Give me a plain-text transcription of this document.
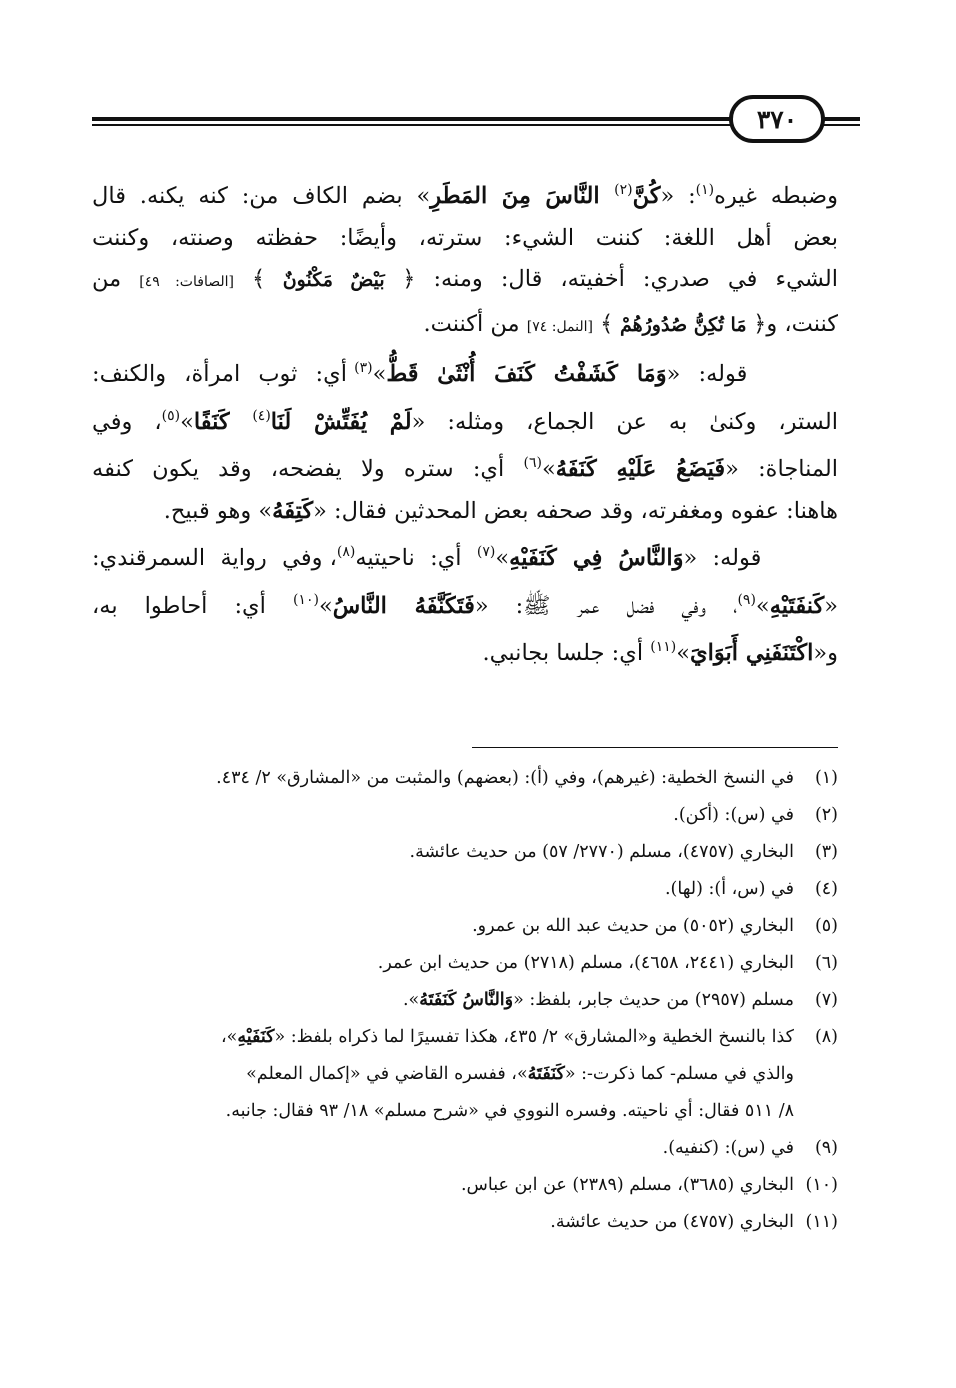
٣٧٠

وضبطه غيره$^{(١)}$: «كُنَّ$^{(٢)}$ النَّاسَ مِنَ المَطَرِ» بضم الكاف من: كنه يكنه. قال
بعض أهل اللغة: كننت الشيء: سترته، وأيضًا: حفظته وصنته، وكننت
الشيء في صدري: أخفيته، قال: ومنه: ﴿ بَيْضٌ مَكْنُونٌ ﴾ [الصافات: ٤٩] من
كننت، و﴿ مَا تُكِنُّ صُدُورُهُمْ ﴾ [النمل: ٧٤] من أكننت.

قوله: «وَمَا كَشَفْتُ كَنَفَ أُنْثَىٰ قَطُّ»$^{(٣)}$ أي: ثوب امرأة، والكنف:
الستر، وكنىٰ به عن الجماع، ومثله: «لَمْ يُفَتِّشْ لَنَا$^{(٤)}$ كَنَفًا»$^{(٥)}$، وفي
المناجاة: «فَيَضَعُ عَلَيْهِ كَنَفَهُ»$^{(٦)}$ أي: ستره ولا يفضحه، وقد يكون كنفه
هاهنا: عفوه ومغفرته، وقد صحفه بعض المحدثين فقال: «كَتِفَهُ» وهو قبيح.

قوله: «وَالنَّاسُ فِي كَنَفَيْهِ»$^{(٧)}$ أي: ناحيتيه$^{(٨)}$، وفي رواية السمرقندي:
«كَنفَتَيْهِ»$^{(٩)}$، وفي فضل عمر ﷺ: «فَتَكَنَّفَهُ النَّاسُ»$^{(١٠)}$ أي: أحاطوا به،
و«اكْتَنَفَنِي أَبَوَايَ»$^{(١١)}$ أي: جلسا بجانبي.

(١)
في النسخ الخطية: (غيرهم)، وفي (أ): (بعضهم) والمثبت من «المشارق» ٢/ ٤٣٤.
(٢)
في (س): (أكن).
(٣)
البخاري (٤٧٥٧)، مسلم (٢٧٧٠/ ٥٧) من حديث عائشة.
(٤)
في (س، أ): (لها).
(٥)
البخاري (٥٠٥٢) من حديث عبد الله بن عمرو.
(٦)
البخاري (٢٤٤١، ٤٦٥٨)، مسلم (٢٧١٨) من حديث ابن عمر.
(٧)
مسلم (٢٩٥٧) من حديث جابر، بلفظ: «وَالنَّاسُ كَنَفَتَهُ».
(٨)
كذا بالنسخ الخطية و«المشارق» ٢/ ٤٣٥، هكذا تفسيرًا لما ذكراه بلفظ: «كَنَفَيْهِ»،
والذي في مسلم- كما ذكرت-: «كَنَفَتَهُ»، ففسره القاضي في «إكمال المعلم»
٨/ ٥١١ فقال: أي ناحيته. وفسره النووي في «شرح مسلم» ١٨/ ٩٣ فقال: جانبه.
(٩)
في (س): (كنفيه).
(١٠)
البخاري (٣٦٨٥)، مسلم (٢٣٨٩) عن ابن عباس.
(١١)
البخاري (٤٧٥٧) من حديث عائشة.
